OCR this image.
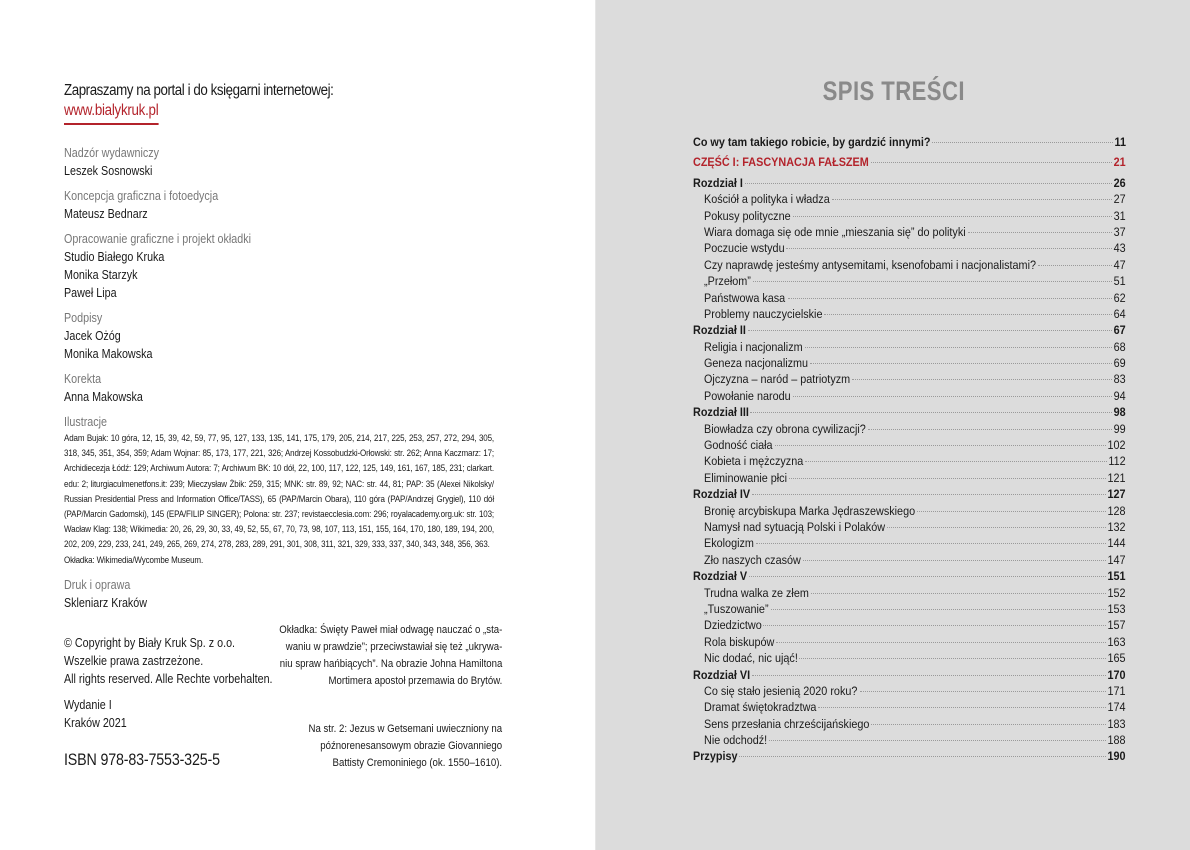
Zapraszamy na portal i do księgarni internetowej:
www.bialykruk.pl
Nadzór wydawniczy
Leszek Sosnowski
Koncepcja graficzna i fotoedycja
Mateusz Bednarz
Opracowanie graficzne i projekt okładki
Studio Białego Kruka
Monika Starzyk
Paweł Lipa
Podpisy
Jacek Ożóg
Monika Makowska
Korekta
Anna Makowska
Ilustracje
Adam Bujak: 10 góra, 12, 15, 39, 42, 59, 77, 95, 127, 133, 135, 141, 175, 179, 205, 214, 217, 225, 253, 257, 272, 294, 305, 318, 345, 351, 354, 359; Adam Wojnar: 85, 173, 177, 221, 326; Andrzej Kossobudzki-Orłowski: str. 262; Anna Kaczmarz: 17; Archidiecezja Łódź: 129; Archiwum Autora: 7; Archiwum BK: 10 dół, 22, 100, 117, 122, 125, 149, 161, 167, 185, 231; clarkart. edu: 2; liturgiaculmenetfons.it: 239; Mieczysław Żbik: 259, 315; MNK: str. 89, 92; NAC: str. 44, 81; PAP: 35 (Alexei Nikolsky/ Russian Presidential Press and Information Office/TASS), 65 (PAP/Marcin Obara), 110 góra (PAP/Andrzej Grygiel), 110 dół (PAP/Marcin Gadomski), 145 (EPA/FILIP SINGER); Polona: str. 237; revistaecclesia.com: 296; royalacademy.org.uk: str. 103; Wacław Klag: 138; Wikimedia: 20, 26, 29, 30, 33, 49, 52, 55, 67, 70, 73, 98, 107, 113, 151, 155, 164, 170, 180, 189, 194, 200, 202, 209, 229, 233, 241, 249, 265, 269, 274, 278, 283, 289, 291, 301, 308, 311, 321, 329, 333, 337, 340, 343, 348, 356, 363.
Okładka: Wikimedia/Wycombe Museum.
Druk i oprawa
Skleniarz Kraków
© Copyright by Biały Kruk Sp. z o.o.
Wszelkie prawa zastrzeżone.
All rights reserved. Alle Rechte vorbehalten.
Wydanie I
Kraków 2021
ISBN 978-83-7553-325-5
Okładka: Święty Paweł miał odwagę nauczać o „sta-
waniu w prawdzie”; przeciwstawiał się też „ukrywa-
niu spraw hańbiących”. Na obrazie Johna Hamiltona
Mortimera apostoł przemawia do Brytów.
Na str. 2: Jezus w Getsemani uwieczniony na
późnorenesansowym obrazie Giovanniego
Battisty Cremoniniego (ok. 1550–1610).
SPIS TREŚCI
Co wy tam takiego robicie, by gardzić innymi?	11
CZĘŚĆ I: FASCYNACJA FAŁSZEM	21
Rozdział I	26
Kościół a polityka i władza	27
Pokusy polityczne	31
Wiara domaga się ode mnie „mieszania się” do polityki	37
Poczucie wstydu	43
Czy naprawdę jesteśmy antysemitami, ksenofobami i nacjonalistami?	47
„Przełom”	51
Państwowa kasa	62
Problemy nauczycielskie	64
Rozdział II	67
Religia i nacjonalizm	68
Geneza nacjonalizmu	69
Ojczyzna – naród – patriotyzm	83
Powołanie narodu	94
Rozdział III	98
Biowładza czy obrona cywilizacji?	99
Godność ciała	102
Kobieta i mężczyzna	112
Eliminowanie płci	121
Rozdział IV	127
Bronię arcybiskupa Marka Jędraszewskiego	128
Namysł nad sytuacją Polski i Polaków	132
Ekologizm	144
Zło naszych czasów	147
Rozdział V	151
Trudna walka ze złem	152
„Tuszowanie”	153
Dziedzictwo	157
Rola biskupów	163
Nic dodać, nic ująć!	165
Rozdział VI	170
Co się stało jesienią 2020 roku?	171
Dramat świętokradztwa	174
Sens przesłania chrześcijańskiego	183
Nie odchodź!	188
Przypisy	190
